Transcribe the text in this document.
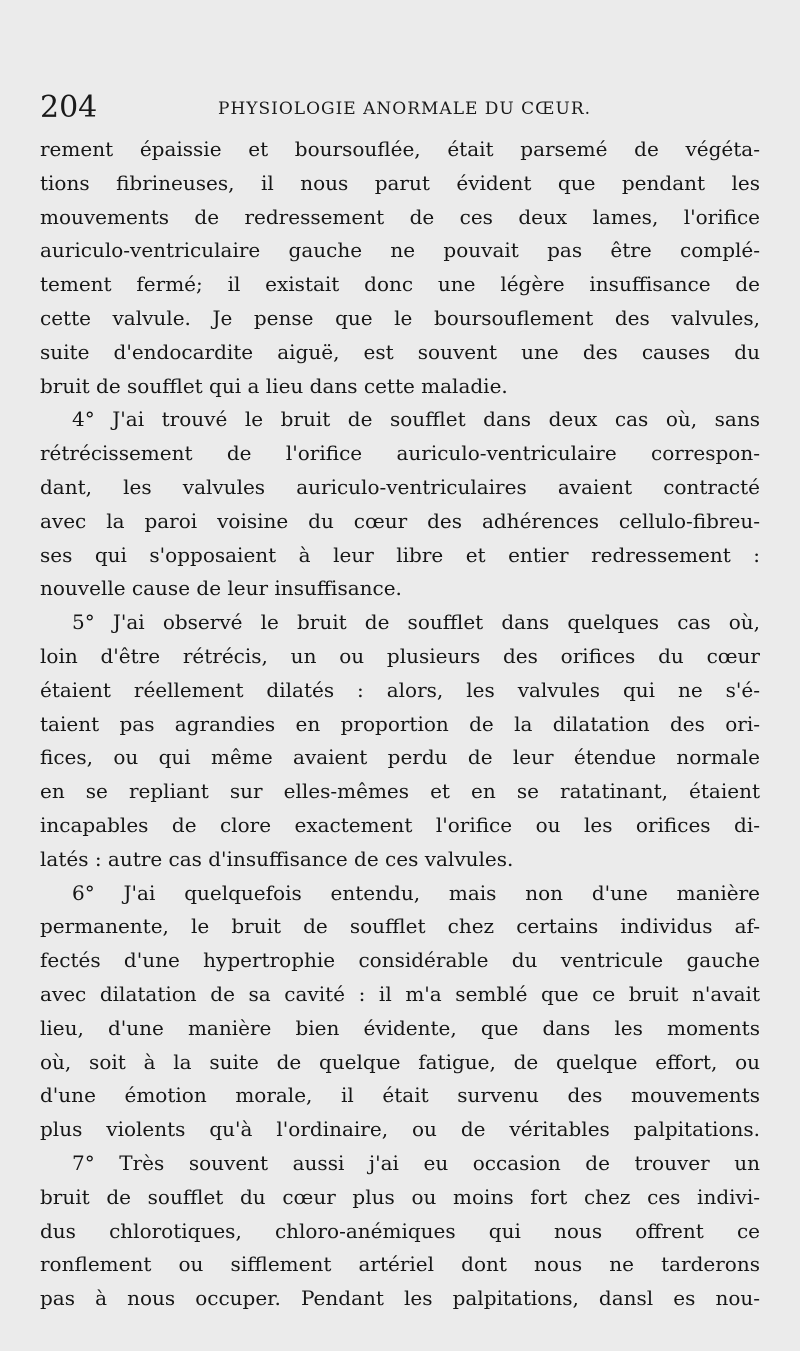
204	PHYSIOLOGIE ANORMALE DU CŒUR.
rement épaissie et boursouflée, était parsemé de végéta-
tions fibrineuses, il nous parut évident que pendant les
mouvements de redressement de ces deux lames, l'orifice
auriculo-ventriculaire gauche ne pouvait pas être complé-
tement fermé; il existait donc une légère insuffisance de
cette valvule. Je pense que le boursouflement des valvules,
suite d'endocardite aiguë, est souvent une des causes du
bruit de soufflet qui a lieu dans cette maladie.
4° J'ai trouvé le bruit de soufflet dans deux cas où, sans
rétrécissement de l'orifice auriculo-ventriculaire correspon-
dant, les valvules auriculo-ventriculaires avaient contracté
avec la paroi voisine du cœur des adhérences cellulo-fibreu-
ses qui s'opposaient à leur libre et entier redressement :
nouvelle cause de leur insuffisance.
5° J'ai observé le bruit de soufflet dans quelques cas où,
loin d'être rétrécis, un ou plusieurs des orifices du cœur
étaient réellement dilatés : alors, les valvules qui ne s'é-
taient pas agrandies en proportion de la dilatation des ori-
fices, ou qui même avaient perdu de leur étendue normale
en se repliant sur elles-mêmes et en se ratatinant, étaient
incapables de clore exactement l'orifice ou les orifices di-
latés : autre cas d'insuffisance de ces valvules.
6° J'ai quelquefois entendu, mais non d'une manière
permanente, le bruit de soufflet chez certains individus af-
fectés d'une hypertrophie considérable du ventricule gauche
avec dilatation de sa cavité : il m'a semblé que ce bruit n'avait
lieu, d'une manière bien évidente, que dans les moments
où, soit à la suite de quelque fatigue, de quelque effort, ou
d'une émotion morale, il était survenu des mouvements
plus violents qu'à l'ordinaire, ou de véritables palpitations.
7° Très souvent aussi j'ai eu occasion de trouver un
bruit de soufflet du cœur plus ou moins fort chez ces indivi-
dus chlorotiques, chloro-anémiques qui nous offrent ce
ronflement ou sifflement artériel dont nous ne tarderons
pas à nous occuper. Pendant les palpitations, dansl es nou-
